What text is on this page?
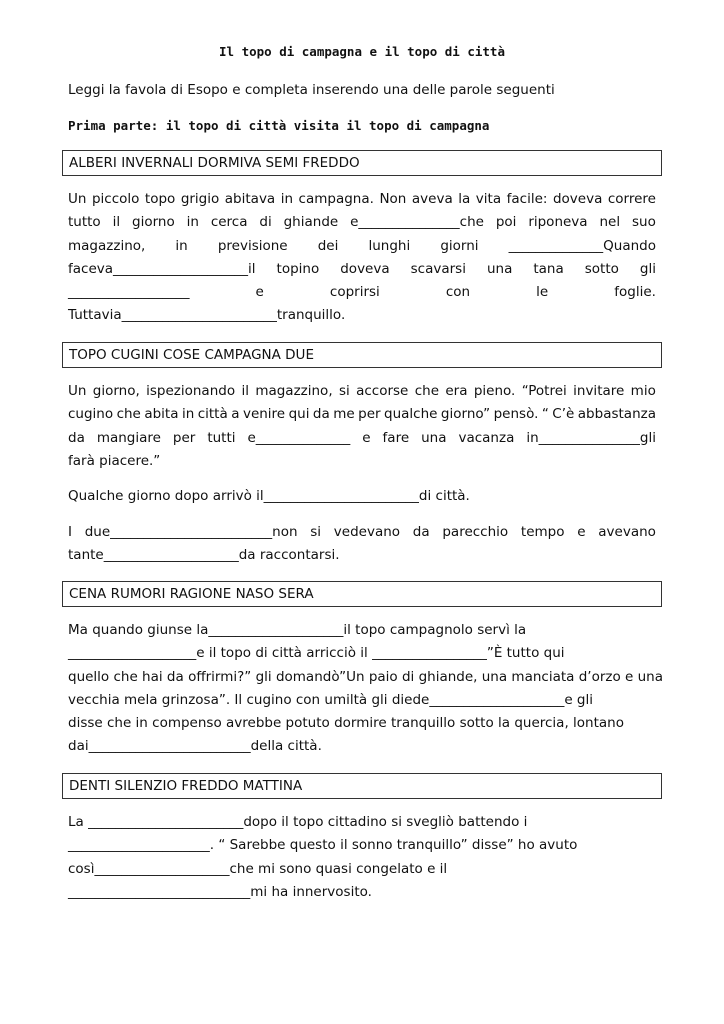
Il topo di campagna e il topo di città
Leggi la favola di Esopo e completa inserendo una delle parole seguenti
Prima parte: il topo di città visita il topo di campagna
ALBERI INVERNALI DORMIVA SEMI FREDDO
Un piccolo topo grigio abitava in campagna. Non aveva la vita facile: doveva correre
tutto il giorno in cerca di ghiande e_______________che poi riponeva nel suo
magazzino, in previsione dei lunghi giorni ______________Quando
faceva____________________il topino doveva scavarsi una tana sotto gli
__________________	e	coprirsi	con	le	foglie.
Tuttavia_______________________tranquillo.
TOPO CUGINI COSE CAMPAGNA DUE
Un giorno, ispezionando il magazzino, si accorse che era pieno. “Potrei invitare mio
cugino che abita in città a venire qui da me per qualche giorno” pensò. “ C’è abbastanza
da mangiare per tutti e______________ e fare una vacanza in_______________gli
farà piacere.”
Qualche giorno dopo arrivò il_______________________di città.
I due________________________non si vedevano da parecchio tempo e avevano
tante____________________da raccontarsi.
CENA RUMORI RAGIONE NASO SERA
Ma quando giunse la____________________il topo campagnolo servì la
___________________e il topo di città arricciò il _________________”È tutto qui
quello che hai da offrirmi?” gli domandò”Un paio di ghiande, una manciata d’orzo e una
vecchia mela grinzosa”. Il cugino con umiltà gli diede____________________e gli
disse che in compenso avrebbe potuto dormire tranquillo sotto la quercia, lontano
dai________________________della città.
DENTI SILENZIO FREDDO MATTINA
La _______________________dopo il topo cittadino si svegliò battendo i
_____________________. “ Sarebbe questo il sonno tranquillo” disse” ho avuto
così____________________che mi sono quasi congelato e il
___________________________mi ha innervosito.
